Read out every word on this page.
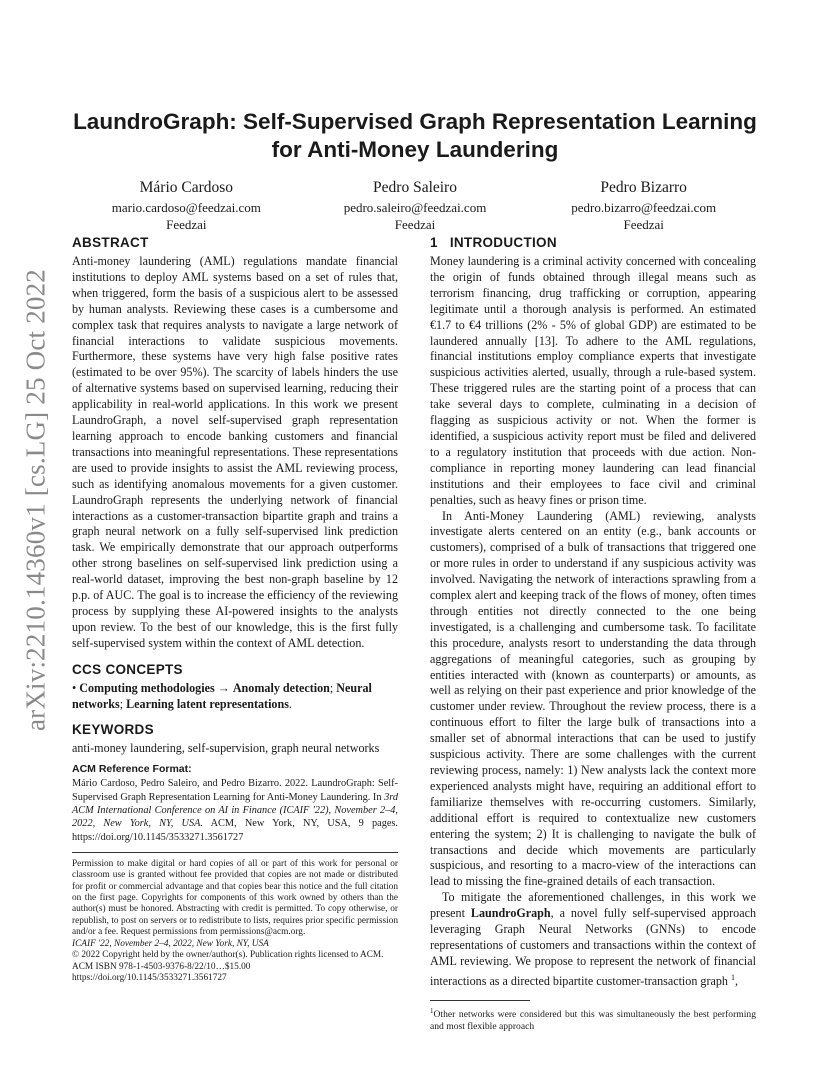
arXiv:2210.14360v1 [cs.LG] 25 Oct 2022
LaundroGraph: Self-Supervised Graph Representation Learning
for Anti-Money Laundering
Mário Cardoso
mario.cardoso@feedzai.com
Feedzai
Pedro Saleiro
pedro.saleiro@feedzai.com
Feedzai
Pedro Bizarro
pedro.bizarro@feedzai.com
Feedzai
ABSTRACT

Anti-money laundering (AML) regulations mandate financial institutions to deploy AML systems based on a set of rules that, when triggered, form the basis of a suspicious alert to be assessed by human analysts. Reviewing these cases is a cumbersome and complex task that requires analysts to navigate a large network of financial interactions to validate suspicious movements. Furthermore, these systems have very high false positive rates (estimated to be over 95%). The scarcity of labels hinders the use of alternative systems based on supervised learning, reducing their applicability in real-world applications. In this work we present LaundroGraph, a novel self-supervised graph representation learning approach to encode banking customers and financial transactions into meaningful representations. These representations are used to provide insights to assist the AML reviewing process, such as identifying anomalous movements for a given customer. LaundroGraph represents the underlying network of financial interactions as a customer-transaction bipartite graph and trains a graph neural network on a fully self-supervised link prediction task. We empirically demonstrate that our approach outperforms other strong baselines on self-supervised link prediction using a real-world dataset, improving the best non-graph baseline by 12 p.p. of AUC. The goal is to increase the efficiency of the reviewing process by supplying these AI-powered insights to the analysts upon review. To the best of our knowledge, this is the first fully self-supervised system within the context of AML detection.

CCS CONCEPTS
• Computing methodologies → Anomaly detection; Neural networks; Learning latent representations.
KEYWORDS

anti-money laundering, self-supervision, graph neural networks

ACM Reference Format:

Mário Cardoso, Pedro Saleiro, and Pedro Bizarro. 2022. LaundroGraph: Self-Supervised Graph Representation Learning for Anti-Money Laundering. In 3rd ACM International Conference on AI in Finance (ICAIF '22), November 2–4, 2022, New York, NY, USA. ACM, New York, NY, USA, 9 pages. https://doi.org/10.1145/3533271.3561727

Permission to make digital or hard copies of all or part of this work for personal or classroom use is granted without fee provided that copies are not made or distributed for profit or commercial advantage and that copies bear this notice and the full citation on the first page. Copyrights for components of this work owned by others than the author(s) must be honored. Abstracting with credit is permitted. To copy otherwise, or republish, to post on servers or to redistribute to lists, requires prior specific permission and/or a fee. Request permissions from permissions@acm.org.

ICAIF '22, November 2–4, 2022, New York, NY, USA

© 2022 Copyright held by the owner/author(s). Publication rights licensed to ACM.

ACM ISBN 978-1-4503-9376-8/22/10…$15.00

https://doi.org/10.1145/3533271.3561727

1 INTRODUCTION

Money laundering is a criminal activity concerned with concealing the origin of funds obtained through illegal means such as terrorism financing, drug trafficking or corruption, appearing legitimate until a thorough analysis is performed. An estimated €1.7 to €4 trillions (2% - 5% of global GDP) are estimated to be laundered annually [13]. To adhere to the AML regulations, financial institutions employ compliance experts that investigate suspicious activities alerted, usually, through a rule-based system. These triggered rules are the starting point of a process that can take several days to complete, culminating in a decision of flagging as suspicious activity or not. When the former is identified, a suspicious activity report must be filed and delivered to a regulatory institution that proceeds with due action. Non-compliance in reporting money laundering can lead financial institutions and their employees to face civil and criminal penalties, such as heavy fines or prison time.

In Anti-Money Laundering (AML) reviewing, analysts investigate alerts centered on an entity (e.g., bank accounts or customers), comprised of a bulk of transactions that triggered one or more rules in order to understand if any suspicious activity was involved. Navigating the network of interactions sprawling from a complex alert and keeping track of the flows of money, often times through entities not directly connected to the one being investigated, is a challenging and cumbersome task. To facilitate this procedure, analysts resort to understanding the data through aggregations of meaningful categories, such as grouping by entities interacted with (known as counterparts) or amounts, as well as relying on their past experience and prior knowledge of the customer under review. Throughout the review process, there is a continuous effort to filter the large bulk of transactions into a smaller set of abnormal interactions that can be used to justify suspicious activity. There are some challenges with the current reviewing process, namely: 1) New analysts lack the context more experienced analysts might have, requiring an additional effort to familiarize themselves with re-occurring customers. Similarly, additional effort is required to contextualize new customers entering the system; 2) It is challenging to navigate the bulk of transactions and decide which movements are particularly suspicious, and resorting to a macro-view of the interactions can lead to missing the fine-grained details of each transaction.

To mitigate the aforementioned challenges, in this work we present LaundroGraph, a novel fully self-supervised approach leveraging Graph Neural Networks (GNNs) to encode representations of customers and transactions within the context of AML reviewing. We propose to represent the network of financial interactions as a directed bipartite customer-transaction graph $^1$,

$^1$Other networks were considered but this was simultaneously the best performing and most flexible approach
